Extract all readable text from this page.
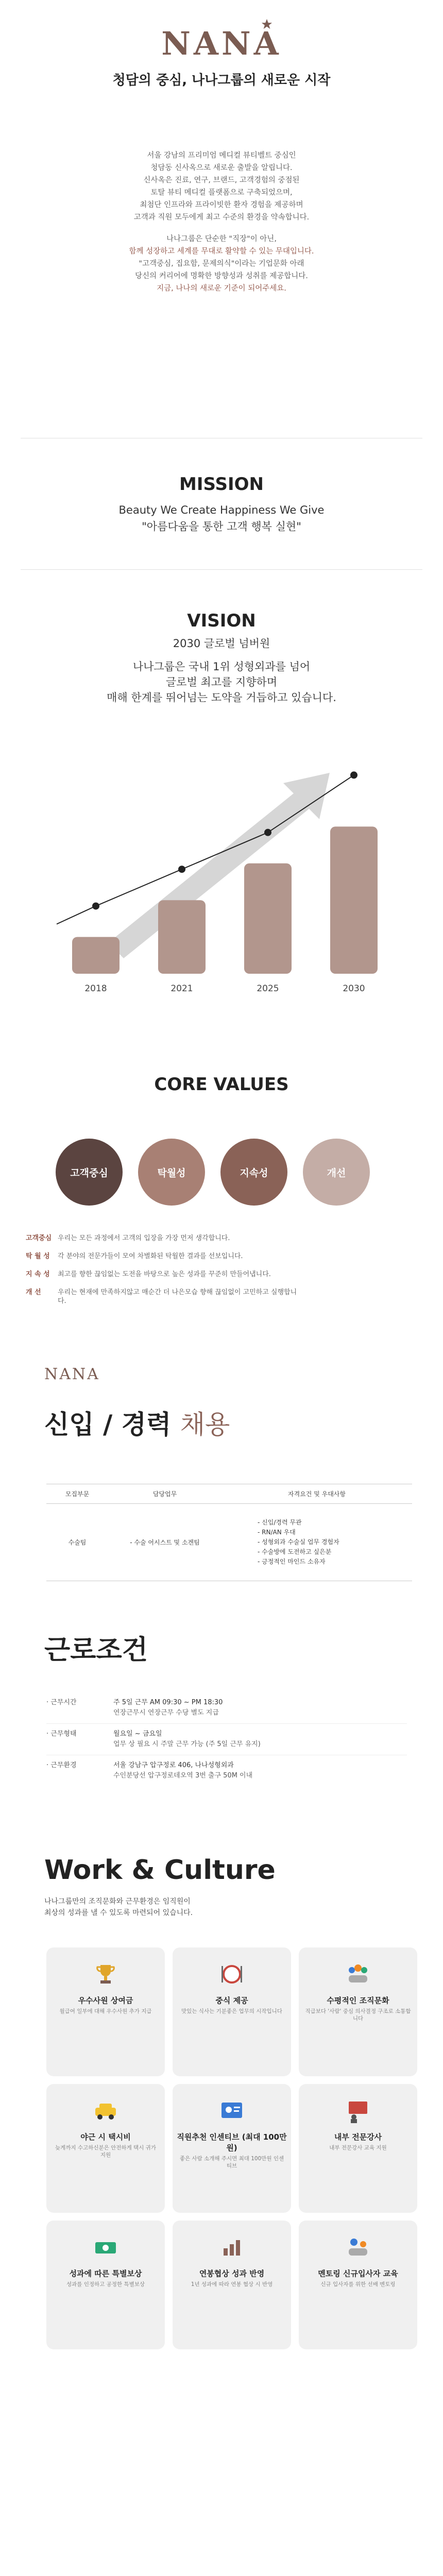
NANA
청담의 중심, 나나그룹의 새로운 시작
서울 강남의 프리미엄 메디컬 뷰티벨트 중심인
청담동 신사옥으로 새로운 출발을 알립니다.
신사옥은 진료, 연구, 브랜드, 고객경험의 중점된
토탈 뷰티 메디컬 플랫폼으로 구축되었으며,
최첨단 인프라와 프라이빗한 환자 경험을 제공하며
고객과 직원 모두에게 최고 수준의 환경을 약속합니다.
나나그룹은 단순한 "직장"이 아닌,
함께 성장하고 세계를 무대로 활약할 수 있는 무대입니다.
"고객중심, 집요함, 문제의식"이라는 기업문화 아래
당신의 커리어에 명확한 방향성과 성취를 제공합니다.
지금, 나나의 새로운 기준이 되어주세요.
MISSION
Beauty We Create Happiness We Give
"아름다움을 통한 고객 행복 실현"
VISION
2030 글로벌 넘버원
나나그룹은 국내 1위 성형외과를 넘어
글로벌 최고를 지향하며
매해 한계를 뛰어넘는 도약을 거듭하고 있습니다.
2018	2021	2025	2030
CORE VALUES
고객중심	탁월성	지속성	개선
고객중심 우리는 모든 과정에서 고객의 입장을 가장 먼저 생각합니다.
탁 월 성	각 분야의 전문가들이 모여 차별화된 탁월한 결과를 선보입니다.
지 속 성	최고를 향한 끊임없는 도전을 바탕으로 높은 성과를 꾸준히 만들어냅니다.
개 선	우리는 현재에 만족하지않고 매순간 더 나은모습 향해 끊임없이 고민하고 실행합니다.
NANA
신입 / 경력 채용
모집부문	담당업무	자격요건 및 우대사항
수술팀	- 수술 어시스트 및 소겐팀	- 신입/경력 무관
- RN/AN 우대
- 성형외과 수술실 업무 경험자
- 수술방에 도전하고 싶은분
- 긍정적인 마인드 소유자
근로조건
· 근무시간	주 5일 근무 AM 09:30 ~ PM 18:30
연장근무시 연장근무 수당 별도 지급
· 근무형태	월요일 ~ 금요일
업무 상 필요 시 주말 근무 가능 (주 5일 근무 유지)
· 근무환경	서울 강남구 압구정로 406, 나나성형외과
수인분당선 압구정로데오역 3번 출구 50M 이내
Work & Culture
나나그룹만의 조직문화와 근무환경은 임직원이
최상의 성과를 낼 수 있도록 마련되어 있습니다.
우수사원 상여금
월급여 일부에 대해 우수사원 추가 지급
중식 제공
맛있는 식사는 기분좋은 업무의 시작입니다
수평적인 조직문화
직급보다 '사람' 중심 의사결정 구조로 소통합니다
야근 시 택시비
늦게까지 수고하신분은 안전하게 택시 귀가 지원
직원추천 인센티브 (최대 100만원)
좋은 사람 소개해 주시면 최대 100만원 인센티브
내부 전문강사
내부 전문강사 교육 지원
성과에 따른 특별보상
성과를 인정하고 공정한 특별보상
연봉협상 성과 반영
1년 성과에 따라 연봉 협상 시 반영
멘토링 신규입사자 교육
신규 입사자를 위한 선배 멘토링
